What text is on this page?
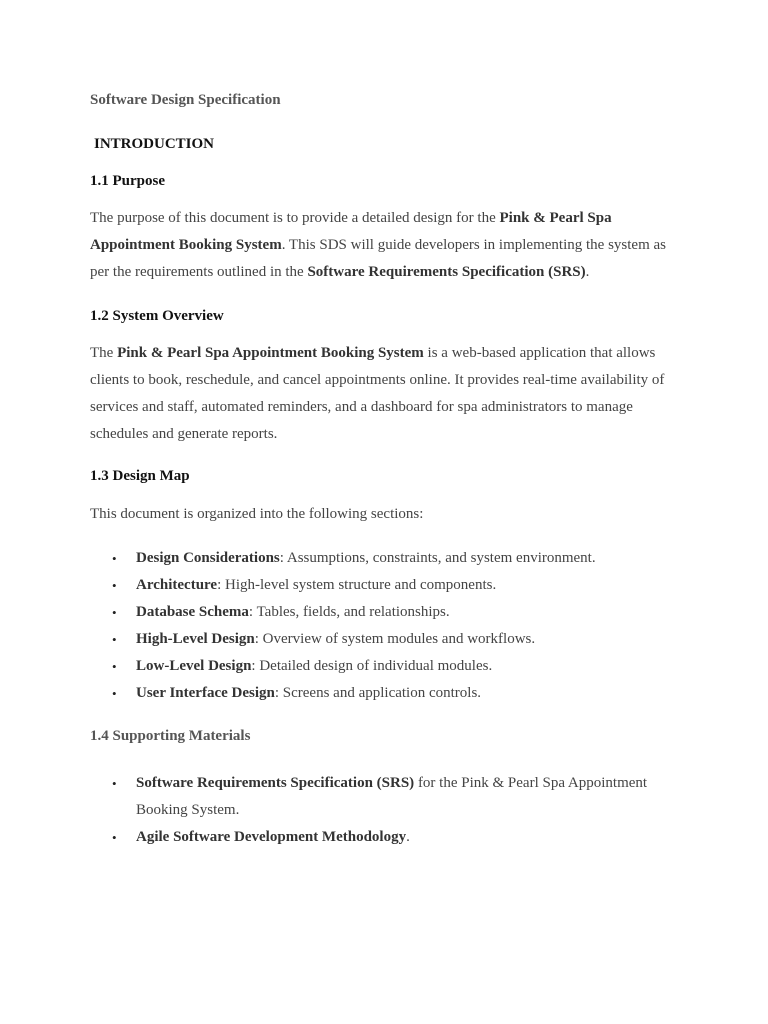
Software Design Specification
INTRODUCTION
1.1 Purpose
The purpose of this document is to provide a detailed design for the Pink & Pearl Spa Appointment Booking System. This SDS will guide developers in implementing the system as per the requirements outlined in the Software Requirements Specification (SRS).
1.2 System Overview
The Pink & Pearl Spa Appointment Booking System is a web-based application that allows clients to book, reschedule, and cancel appointments online. It provides real-time availability of services and staff, automated reminders, and a dashboard for spa administrators to manage schedules and generate reports.
1.3 Design Map
This document is organized into the following sections:
• Design Considerations: Assumptions, constraints, and system environment.
• Architecture: High-level system structure and components.
• Database Schema: Tables, fields, and relationships.
• High-Level Design: Overview of system modules and workflows.
• Low-Level Design: Detailed design of individual modules.
• User Interface Design: Screens and application controls.
1.4 Supporting Materials
• Software Requirements Specification (SRS) for the Pink & Pearl Spa Appointment Booking System.
• Agile Software Development Methodology.
